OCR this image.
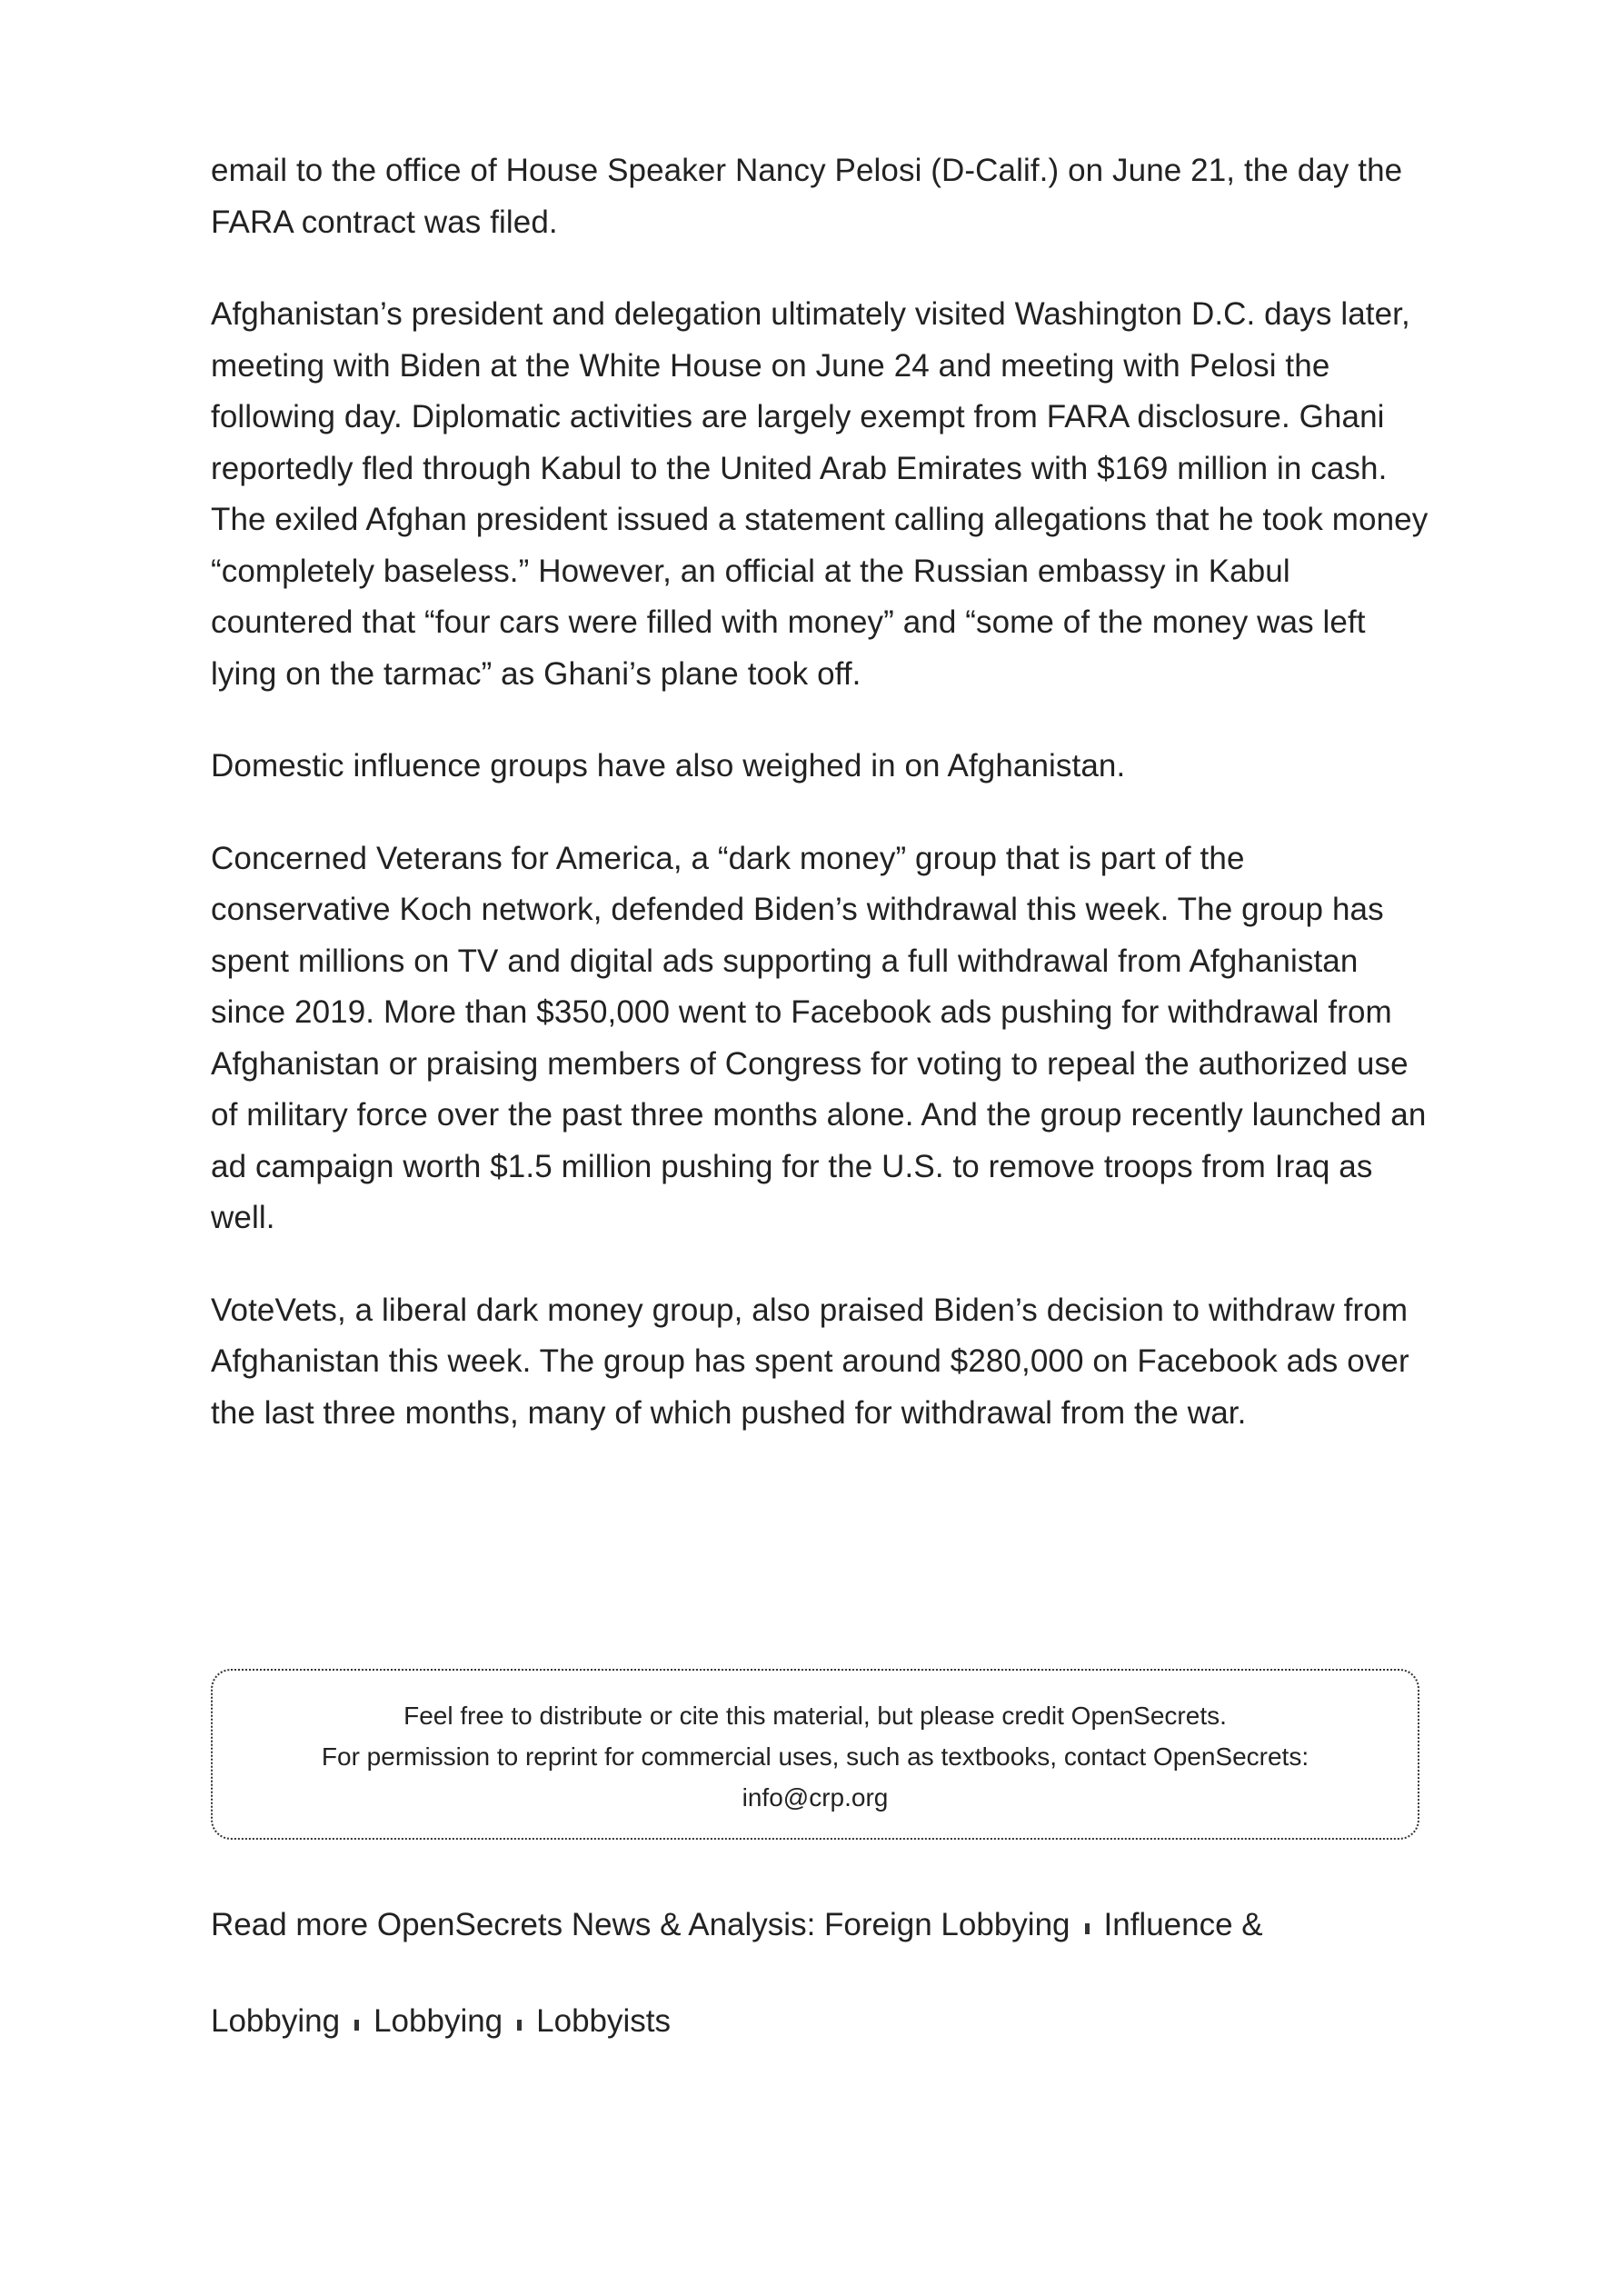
email to the office of House Speaker Nancy Pelosi (D-Calif.) on June 21, the day the FARA contract was filed.

Afghanistan’s president and delegation ultimately visited Washington D.C. days later, meeting with Biden at the White House on June 24 and meeting with Pelosi the following day. Diplomatic activities are largely exempt from FARA disclosure. Ghani reportedly fled through Kabul to the United Arab Emirates with $169 million in cash. The exiled Afghan president issued a statement calling allegations that he took money “completely baseless.” However, an official at the Russian embassy in Kabul countered that “four cars were filled with money” and “some of the money was left lying on the tarmac” as Ghani’s plane took off.

Domestic influence groups have also weighed in on Afghanistan.

Concerned Veterans for America, a “dark money” group that is part of the conservative Koch network, defended Biden’s withdrawal this week. The group has spent millions on TV and digital ads supporting a full withdrawal from Afghanistan since 2019. More than $350,000 went to Facebook ads pushing for withdrawal from Afghanistan or praising members of Congress for voting to repeal the authorized use of military force over the past three months alone. And the group recently launched an ad campaign worth $1.5 million pushing for the U.S. to remove troops from Iraq as well.

VoteVets, a liberal dark money group, also praised Biden’s decision to withdraw from Afghanistan this week. The group has spent around $280,000 on Facebook ads over the last three months, many of which pushed for withdrawal from the war.

Feel free to distribute or cite this material, but please credit OpenSecrets.
For permission to reprint for commercial uses, such as textbooks, contact OpenSecrets:
info@crp.org
Read more OpenSecrets News & Analysis: Foreign Lobbying Influence &
Lobbying Lobbying Lobbyists
